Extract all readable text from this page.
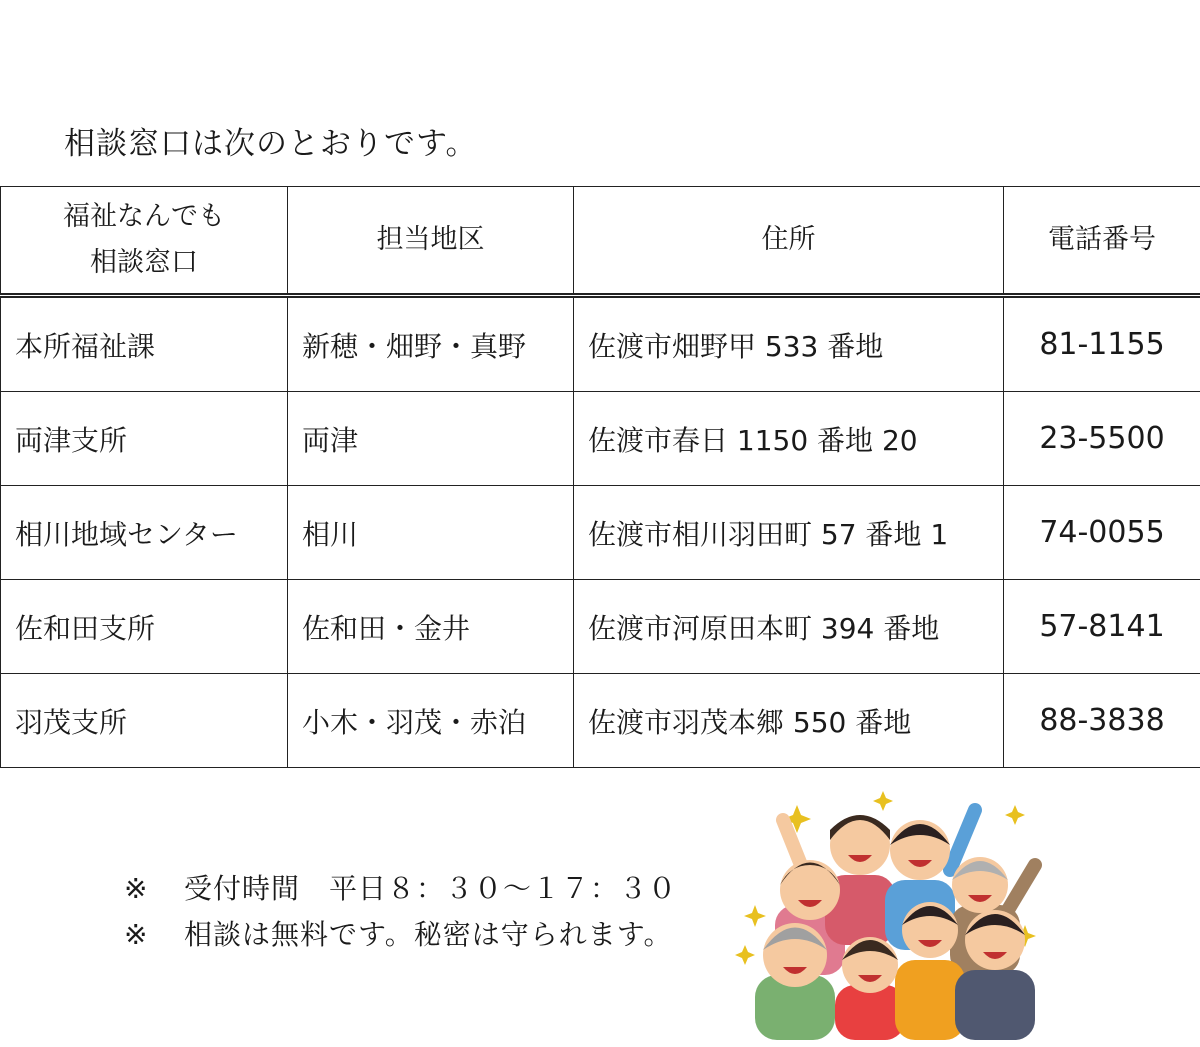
相談窓口は次のとおりです。
福祉なんでも
相談窓口	担当地区	住所	電話番号
本所福祉課	新穂・畑野・真野	佐渡市畑野甲 533 番地	81-1155
両津支所	両津	佐渡市春日 1150 番地 20	23-5500
相川地域センター	相川	佐渡市相川羽田町 57 番地 1	74-0055
佐和田支所	佐和田・金井	佐渡市河原田本町 394 番地	57-8141
羽茂支所	小木・羽茂・赤泊	佐渡市羽茂本郷 550 番地	88-3838
※ 受付時間　平日８：３０～１７：３０
※ 相談は無料です。秘密は守られます。
